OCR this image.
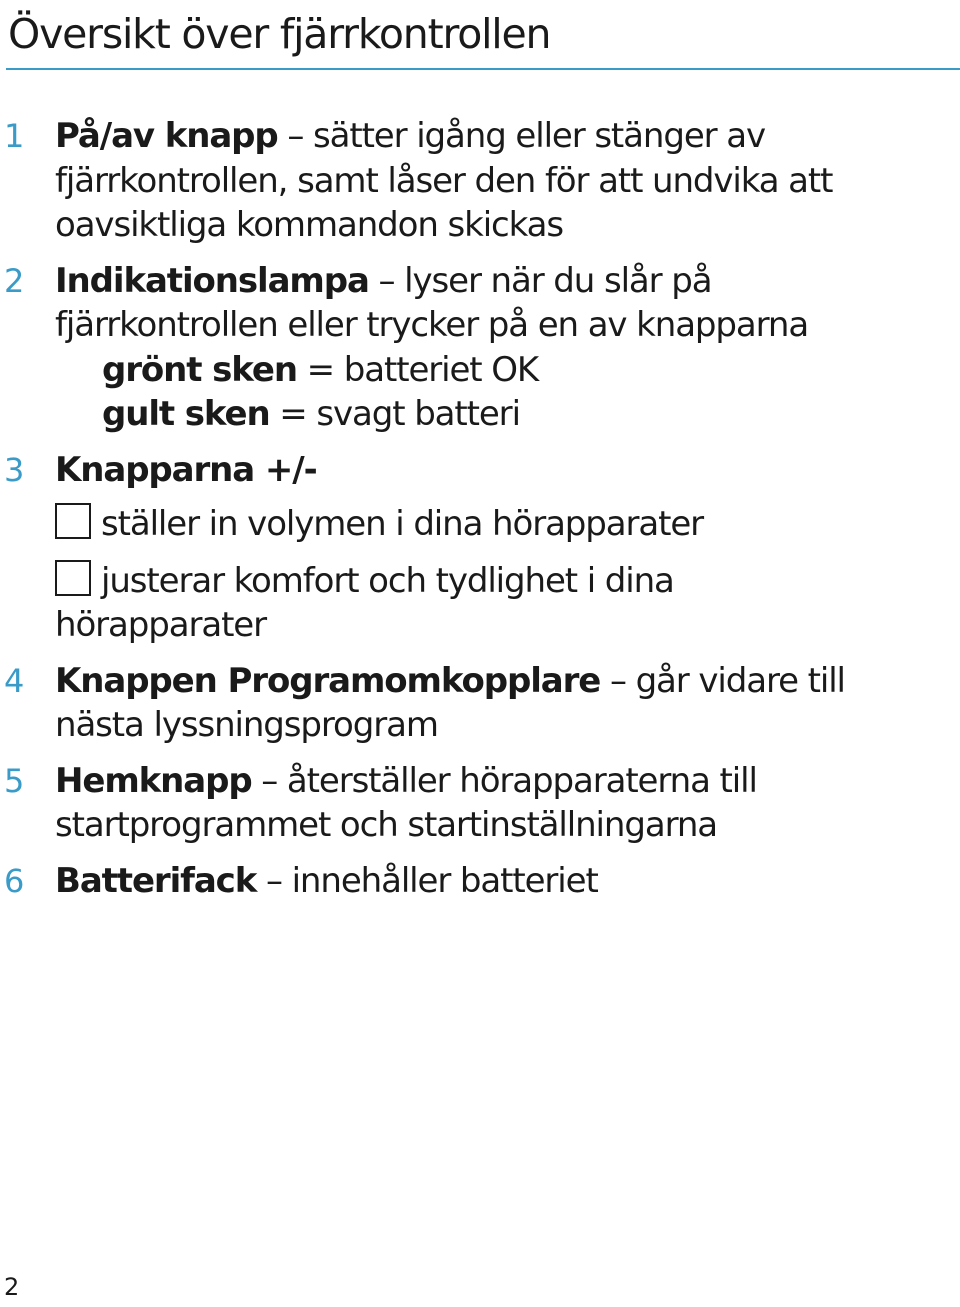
Översikt över fjärrkontrollen
1 På/av knapp – sätter igång eller stänger av
fjärrkontrollen, samt låser den för att undvika att
oavsiktliga kommandon skickas
2 Indikationslampa – lyser när du slår på
fjärrkontrollen eller trycker på en av knapparna
grönt sken = batteriet OK
gult sken = svagt batteri
3 Knapparna +/-
ställer in volymen i dina hörapparater
justerar komfort och tydlighet i dina
hörapparater
4 Knappen Programomkopplare – går vidare till
nästa lyssningsprogram
5 Hemknapp – återställer hörapparaterna till
startprogrammet och startinställningarna
6 Batterifack – innehåller batteriet
2
